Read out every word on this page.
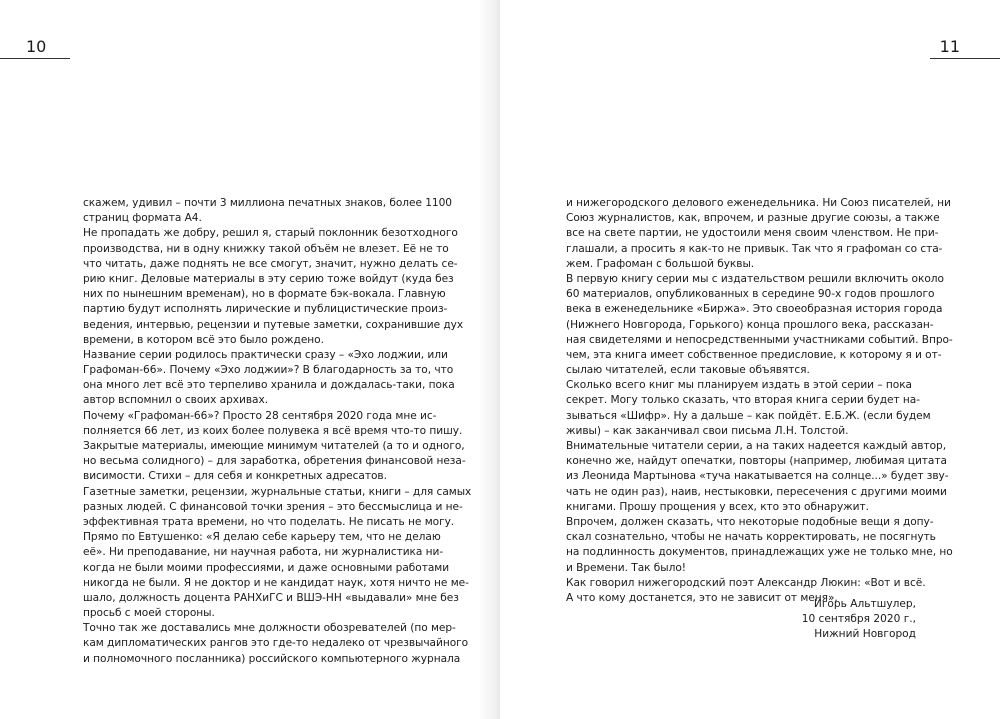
10
скажем, удивил – почти 3 миллиона печатных знаков, более 1100
страниц формата А4.
Не пропадать же добру, решил я, старый поклонник безотходного
производства, ни в одну книжку такой объём не влезет. Её не то
что читать, даже поднять не все смогут, значит, нужно делать се-
рию книг. Деловые материалы в эту серию тоже войдут (куда без
них по нынешним временам), но в формате бэк-вокала. Главную
партию будут исполнять лирические и публицистические произ-
ведения, интервью, рецензии и путевые заметки, сохранившие дух
времени, в котором всё это было рождено.
Название серии родилось практически сразу – «Эхо лоджии, или
Графоман-66». Почему «Эхо лоджии»? В благодарность за то, что
она много лет всё это терпеливо хранила и дождалась-таки, пока
автор вспомнил о своих архивах.
Почему «Графоман-66»? Просто 28 сентября 2020 года мне ис-
полняется 66 лет, из коих более полувека я всё время что-то пишу.
Закрытые материалы, имеющие минимум читателей (а то и одного,
но весьма солидного) – для заработка, обретения финансовой неза-
висимости. Стихи – для себя и конкретных адресатов.
Газетные заметки, рецензии, журнальные статьи, книги – для самых
разных людей. С финансовой точки зрения – это бессмыслица и не-
эффективная трата времени, но что поделать. Не писать не могу.
Прямо по Евтушенко: «Я делаю себе карьеру тем, что не делаю
её». Ни преподавание, ни научная работа, ни журналистика ни-
когда не были моими профессиями, и даже основными работами
никогда не были. Я не доктор и не кандидат наук, хотя ничто не ме-
шало, должность доцента РАНХиГС и ВШЭ-НН «выдавали» мне без
просьб с моей стороны.
Точно так же доставались мне должности обозревателей (по мер-
кам дипломатических рангов это где-то недалеко от чрезвычайного
и полномочного посланника) российского компьютерного журнала
11
и нижегородского делового еженедельника. Ни Союз писателей, ни
Союз журналистов, как, впрочем, и разные другие союзы, а также
все на свете партии, не удостоили меня своим членством. Не при-
глашали, а просить я как-то не привык. Так что я графоман со ста-
жем. Графоман с большой буквы.
В первую книгу серии мы с издательством решили включить около
60 материалов, опубликованных в середине 90-х годов прошлого
века в еженедельнике «Биржа». Это своеобразная история города
(Нижнего Новгорода, Горького) конца прошлого века, рассказан-
ная свидетелями и непосредственными участниками событий. Впро-
чем, эта книга имеет собственное предисловие, к которому я и от-
сылаю читателей, если таковые объявятся.
Сколько всего книг мы планируем издать в этой серии – пока
секрет. Могу только сказать, что вторая книга серии будет на-
зываться «Шифр». Ну а дальше – как пойдёт. Е.Б.Ж. (если будем
живы) – как заканчивал свои письма Л.Н. Толстой.
Внимательные читатели серии, а на таких надеется каждый автор,
конечно же, найдут опечатки, повторы (например, любимая цитата
из Леонида Мартынова «туча накатывается на солнце...» будет зву-
чать не один раз), наив, нестыковки, пересечения с другими моими
книгами. Прошу прощения у всех, кто это обнаружит.
Впрочем, должен сказать, что некоторые подобные вещи я допу-
скал сознательно, чтобы не начать корректировать, не посягнуть
на подлинность документов, принадлежащих уже не только мне, но
и Времени. Так было!
Как говорил нижегородский поэт Александр Люкин: «Вот и всё.
А что кому достанется, это не зависит от меня».
Игорь Альтшулер,
10 сентября 2020 г.,
Нижний Новгород
